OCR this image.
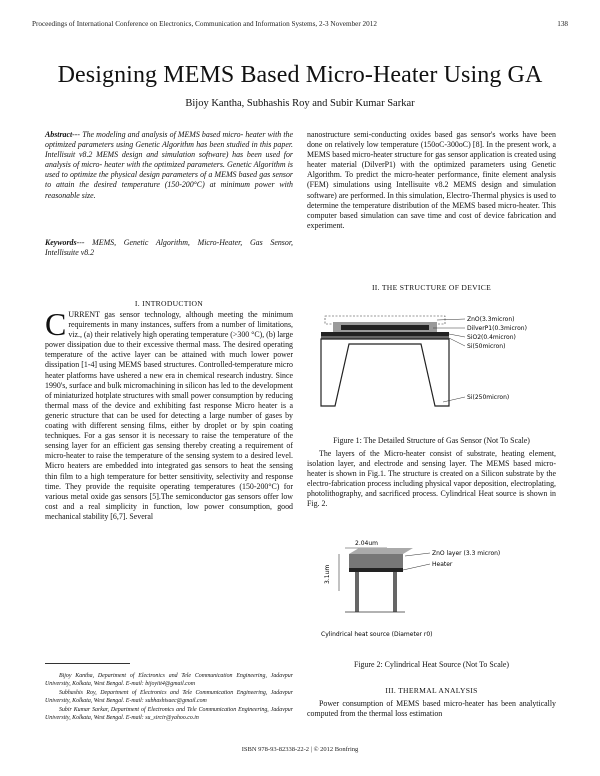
Proceedings of International Conference on Electronics, Communication and Information Systems, 2-3 November 2012	138
Designing MEMS Based Micro-Heater Using GA
Bijoy Kantha, Subhashis Roy and Subir Kumar Sarkar
Abstract--- The modeling and analysis of MEMS based micro- heater with the optimized parameters using Genetic Algorithm has been studied in this paper. Intellisuit v8.2 MEMS design and simulation software) has been used for analysis of micro- heater with the optimized parameters. Genetic Algorithm is used to optimize the physical design parameters of a MEMS based gas sensor to attain the desired temperature (150-200°C) at minimum power with reasonable size.
Keywords--- MEMS, Genetic Algorithm, Micro-Heater, Gas Sensor, Intellisuite v8.2
I. INTRODUCTION
CURRENT gas sensor technology, although meeting the minimum requirements in many instances, suffers from a number of limitations, viz., (a) their relatively high operating temperature (>300 °C), (b) large power dissipation due to their excessive thermal mass. The desired operating temperature of the active layer can be attained with much lower power dissipation [1-4] using MEMS based structures. Controlled-temperature micro heater platforms have ushered a new era in chemical research industry. Since 1990's, surface and bulk micromachining in silicon has led to the development of miniaturized hotplate structures with small power consumption by reducing thermal mass of the device and exhibiting fast response Micro heater is a generic structure that can be used for detecting a large number of gases by coating with different sensing films, either by droplet or by spin coating techniques. For a gas sensor it is necessary to raise the temperature of the sensing layer for an efficient gas sensing thereby creating a requirement of micro-heater to raise the temperature of the sensing system to a desired level. Micro heaters are embedded into integrated gas sensors to heat the sensing thin film to a high temperature for better sensitivity, selectivity and response time. They provide the requisite operating temperatures (150-200°C) for various metal oxide gas sensors [5].The semiconductor gas sensors offer low cost and a real simplicity in function, low power consumption, good mechanical stability [6,7]. Several

Bijoy Kantha, Department of Electronics and Tele Communication Engineering, Jadavpur University, Kolkata, West Bengal. E-mail: bijoyiit4@gmail.com

Subhashis Roy, Department of Electronics and Tele Communication Engineering, Jadavpur University, Kolkata, West Bengal. E-mail: subhashisaec@gmail.com

Subir Kumar Sarkar, Department of Electronics and Tele Communication Engineering, Jadavpur University, Kolkata, West Bengal. E-mail: su_sircir@yahoo.co.in

nanostructure semi-conducting oxides based gas sensor's works have been done on relatively low temperature (150oC-300oC) [8]. In the present work, a MEMS based micro-heater structure for gas sensor application is created using heater material (DilverP1) with the optimized parameters using Genetic Algorithm. To predict the micro-heater performance, finite element analysis (FEM) simulations using Intellisuite v8.2 MEMS design and simulation software) are performed. In this simulation, Electro-Thermal physics is used to determine the temperature distribution of the MEMS based micro-heater. This computer based simulation can save time and cost of device fabrication and experiment.
II. THE STRUCTURE OF DEVICE
ZnO(3.3micron)
DilverP1(0.3micron)
SiO2(0.4micron)
Si(50micron)
Si(250micron)
Figure 1: The Detailed Structure of Gas Sensor (Not To Scale)
The layers of the Micro-heater consist of substrate, heating element, isolation layer, and electrode and sensing layer. The MEMS based micro-heater is shown in Fig.1. The structure is created on a Silicon substrate by the electro-fabrication process including physical vapor deposition, electroplating, photolithography, and sacrificed process. Cylindrical Heat source is shown in Fig. 2.
2.04um
3.1um
ZnO layer (3.3 micron)
Heater
Cylindrical heat source (Diameter r0)
Figure 2: Cylindrical Heat Source (Not To Scale)
III. THERMAL ANALYSIS
Power consumption of MEMS based micro-heater has been analytically computed from the thermal loss estimation
ISBN 978-93-82338-22-2 | © 2012 Bonfring
